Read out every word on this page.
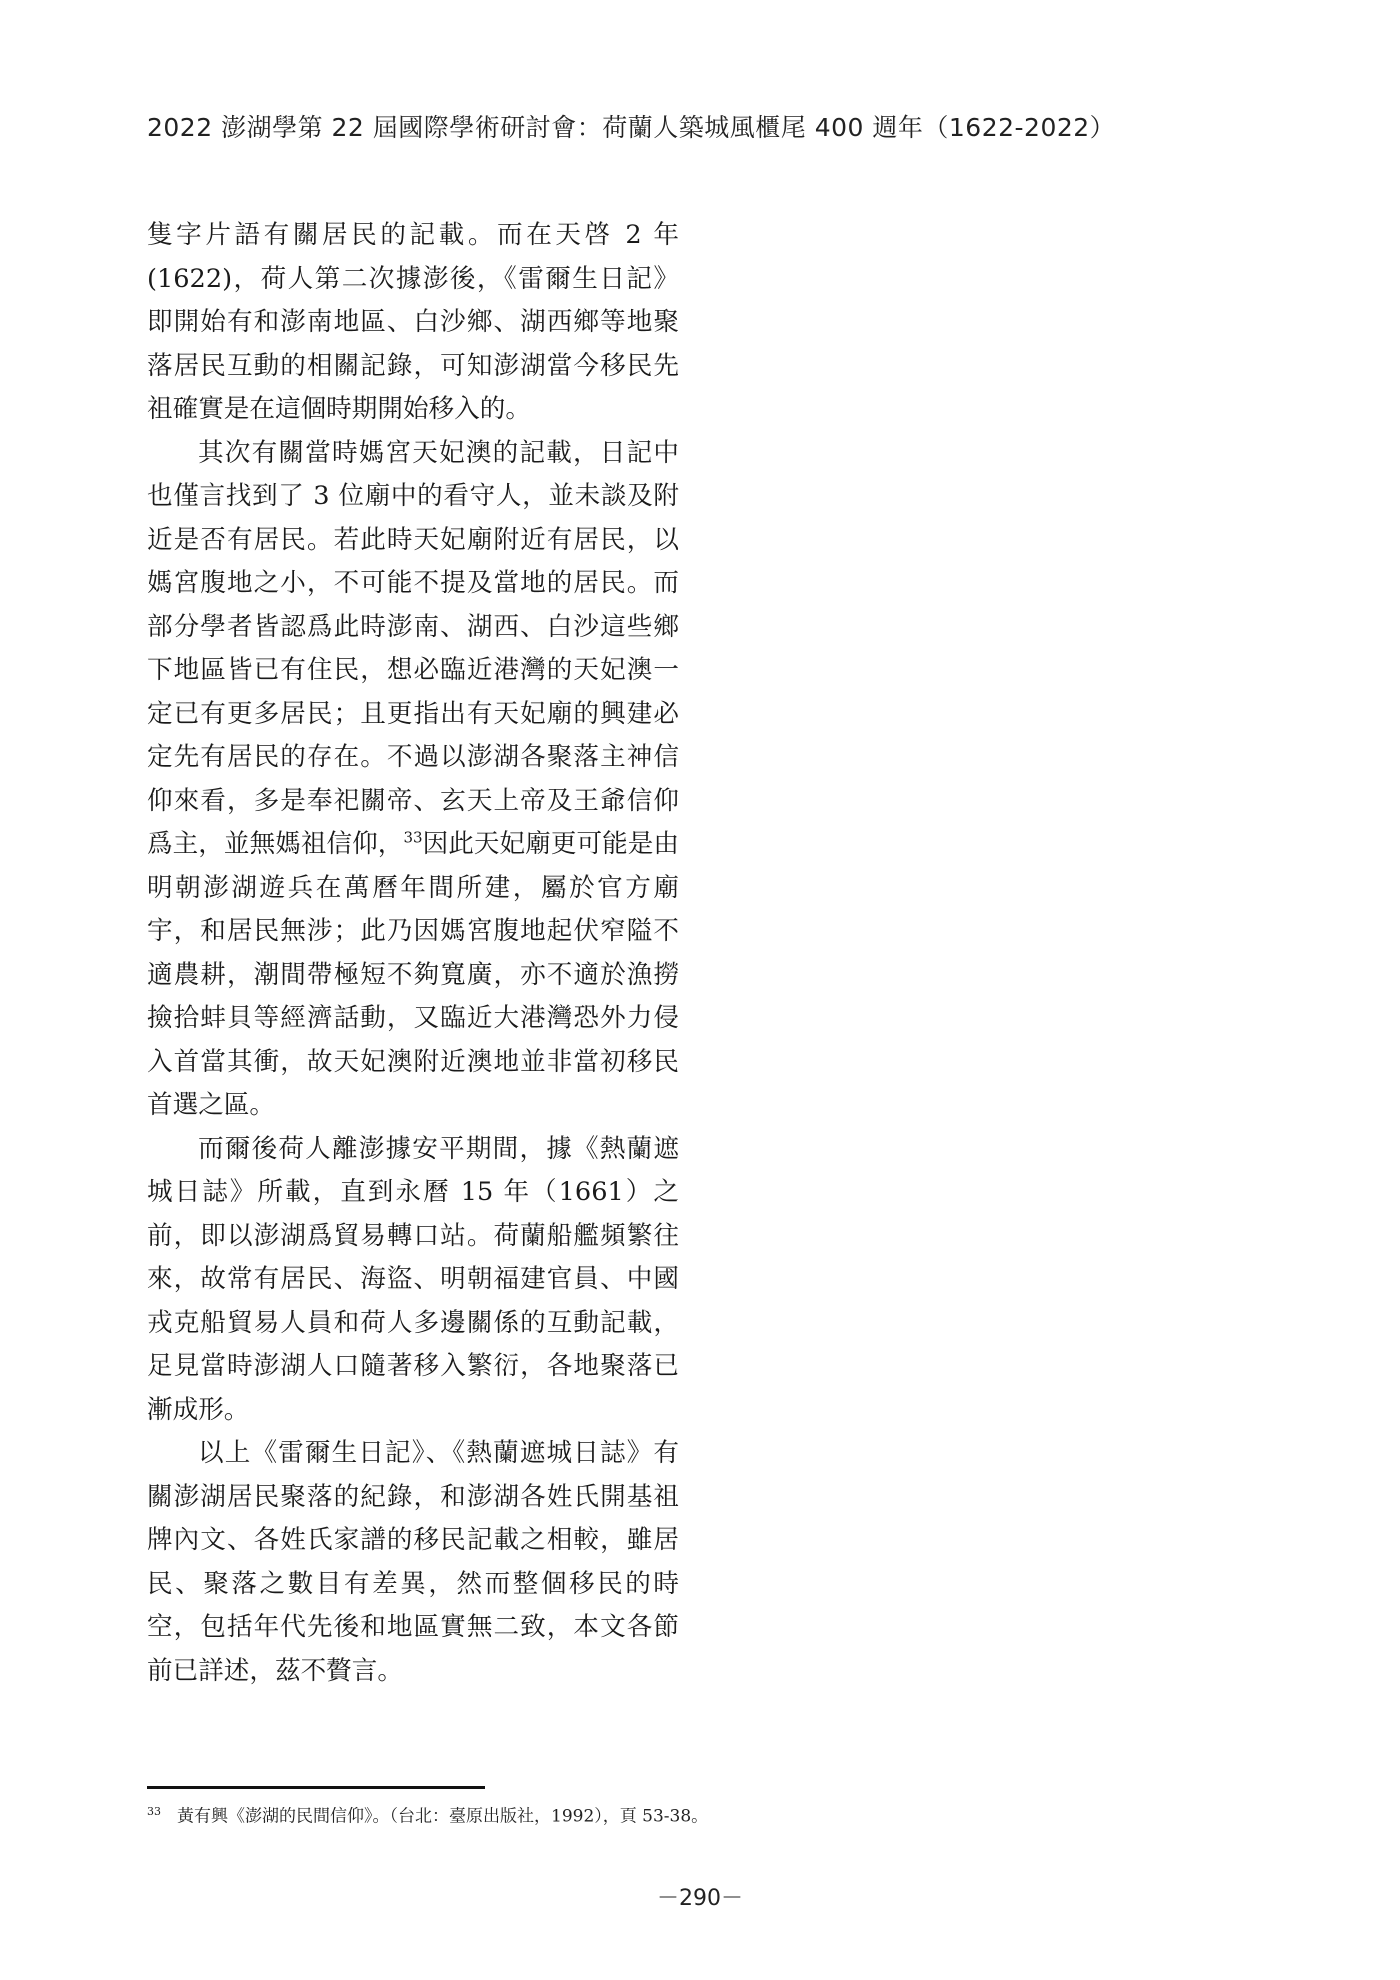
2022 澎湖學第 22 屆國際學術研討會：荷蘭人築城風櫃尾 400 週年（1622-2022）

隻字片語有關居民的記載。而在天啓 2 年(1622)，荷人第二次據澎後，《雷爾生日記》即開始有和澎南地區、白沙鄉、湖西鄉等地聚落居民互動的相關記錄，可知澎湖當今移民先祖確實是在這個時期開始移入的。

其次有關當時媽宮天妃澳的記載，日記中也僅言找到了 3 位廟中的看守人，並未談及附近是否有居民。若此時天妃廟附近有居民，以媽宮腹地之小，不可能不提及當地的居民。而部分學者皆認爲此時澎南、湖西、白沙這些鄉下地區皆已有住民，想必臨近港灣的天妃澳一定已有更多居民；且更指出有天妃廟的興建必定先有居民的存在。不過以澎湖各聚落主神信仰來看，多是奉祀關帝、玄天上帝及王爺信仰爲主，並無媽祖信仰，$^{33}$因此天妃廟更可能是由明朝澎湖遊兵在萬曆年間所建，屬於官方廟宇，和居民無涉；此乃因媽宮腹地起伏窄隘不適農耕，潮間帶極短不夠寬廣，亦不適於漁撈撿拾蚌貝等經濟話動，又臨近大港灣恐外力侵入首當其衝，故天妃澳附近澳地並非當初移民首選之區。

而爾後荷人離澎據安平期間，據《熱蘭遮城日誌》所載，直到永曆 15 年（1661）之前，即以澎湖爲貿易轉口站。荷蘭船艦頻繁往來，故常有居民、海盜、明朝福建官員、中國戎克船貿易人員和荷人多邊關係的互動記載，足見當時澎湖人口隨著移入繁衍，各地聚落已漸成形。

以上《雷爾生日記》、《熱蘭遮城日誌》有關澎湖居民聚落的紀錄，和澎湖各姓氏開基祖牌內文、各姓氏家譜的移民記載之相較，雖居民、聚落之數目有差異，然而整個移民的時空，包括年代先後和地區實無二致，本文各節前已詳述，茲不贅言。

$^{33}$ 黃有興《澎湖的民間信仰》。（台北：臺原出版社，1992），頁 53-38。
－290－
